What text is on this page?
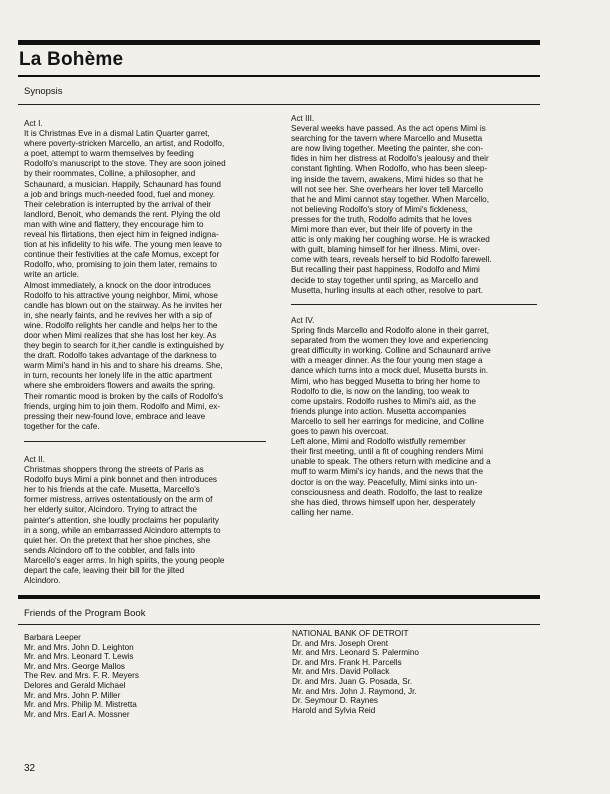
La Bohème
Synopsis
Act I.
It is Christmas Eve in a dismal Latin Quarter garret,
where poverty-stricken Marcello, an artist, and Rodolfo,
a poet, attempt to warm themselves by feeding
Rodolfo's manuscript to the stove. They are soon joined
by their roommates, Colline, a philosopher, and
Schaunard, a musician. Happily, Schaunard has found
a job and brings much-needed food, fuel and money.
Their celebration is interrupted by the arrival of their
landlord, Benoit, who demands the rent. Plying the old
man with wine and flattery, they encourage him to
reveal his flirtations, then eject him in feigned indigna-
tion at his infidelity to his wife. The young men leave to
continue their festivities at the cafe Momus, except for
Rodolfo, who, promising to join them later, remains to
write an article.
Almost immediately, a knock on the door introduces
Rodolfo to his attractive young neighbor, Mimi, whose
candle has blown out on the stairway. As he invites her
in, she nearly faints, and he revives her with a sip of
wine. Rodolfo relights her candle and helps her to the
door when Mimi realizes that she has lost her key. As
they begin to search for it,her candle is extinguished by
the draft. Rodolfo takes advantage of the darkness to
warm Mimi's hand in his and to share his dreams. She,
in turn, recounts her lonely life in the attic apartment
where she embroiders flowers and awaits the spring.
Their romantic mood is broken by the calls of Rodolfo's
friends, urging him to join them. Rodolfo and Mimi, ex-
pressing their new-found love, embrace and leave
together for the cafe.
Act II.
Christmas shoppers throng the streets of Paris as
Rodolfo buys Mimi a pink bonnet and then introduces
her to his friends at the cafe. Musetta, Marcello's
former mistress, arrives ostentatiously on the arm of
her elderly suitor, Alcindoro. Trying to attract the
painter's attention, she loudly proclaims her popularity
in a song, while an embarrassed Alcindoro attempts to
quiet her. On the pretext that her shoe pinches, she
sends Alcindoro off to the cobbler, and falls into
Marcello's eager arms. In high spirits, the young people
depart the cafe, leaving their bill for the jilted
Alcindoro.
Act III.
Several weeks have passed. As the act opens Mimi is
searching for the tavern where Marcello and Musetta
are now living together. Meeting the painter, she con-
fides in him her distress at Rodolfo's jealousy and their
constant fighting. When Rodolfo, who has been sleep-
ing inside the tavern, awakens, Mimi hides so that he
will not see her. She overhears her lover tell Marcello
that he and Mimi cannot stay together. When Marcello,
not believing Rodolfo's story of Mimi's fickleness,
presses for the truth, Rodolfo admits that he loves
Mimi more than ever, but their life of poverty in the
attic is only making her coughing worse. He is wracked
with guilt, blaming himself for her illness. Mimi, over-
come with tears, reveals herself to bid Rodolfo farewell.
But recalling their past happiness, Rodolfo and Mimi
decide to stay together until spring, as Marcello and
Musetta, hurling insults at each other, resolve to part.
Act IV.
Spring finds Marcello and Rodolfo alone in their garret,
separated from the women they love and experiencing
great difficulty in working. Colline and Schaunard arrive
with a meager dinner. As the four young men stage a
dance which turns into a mock duel, Musetta bursts in.
Mimi, who has begged Musetta to bring her home to
Rodolfo to die, is now on the landing, too weak to
come upstairs. Rodolfo rushes to Mimi's aid, as the
friends plunge into action. Musetta accompanies
Marcello to sell her earrings for medicine, and Colline
goes to pawn his overcoat.
Left alone, Mimi and Rodolfo wistfully remember
their first meeting, until a fit of coughing renders Mimi
unable to speak. The others return with medicine and a
muff to warm Mimi's icy hands, and the news that the
doctor is on the way. Peacefully, Mimi sinks into un-
consciousness and death. Rodolfo, the last to realize
she has died, throws himself upon her, desperately
calling her name.
Friends of the Program Book
Barbara Leeper
Mr. and Mrs. John D. Leighton
Mr. and Mrs. Leonard T. Lewis
Mr. and Mrs. George Mallos
The Rev. and Mrs. F. R. Meyers
Delores and Gerald Michael
Mr. and Mrs. John P. Miller
Mr. and Mrs. Philip M. Mistretta
Mr. and Mrs. Earl A. Mossner
NATIONAL BANK OF DETROIT
Dr. and Mrs. Joseph Orent
Mr. and Mrs. Leonard S. Palermino
Dr. and Mrs. Frank H. Parcells
Mr. and Mrs. David Pollack
Dr. and Mrs. Juan G. Posada, Sr.
Mr. and Mrs. John J. Raymond, Jr.
Dr. Seymour D. Raynes
Harold and Sylvia Reid
32
